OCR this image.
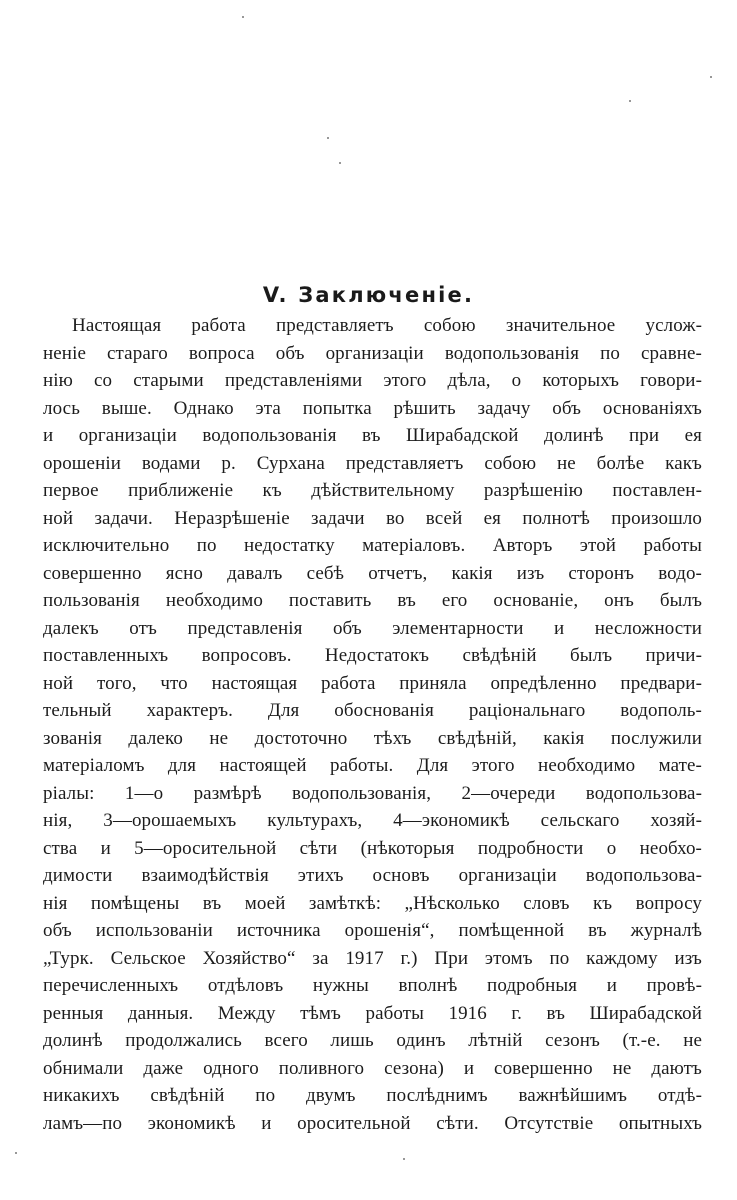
V. Заключеніе.
Настоящая работа представляетъ собою значительное услож-
неніе стараго вопроса объ организаціи водопользованія по сравне-
нію со старыми представленіями этого дѣла, о которыхъ говори-
лось выше. Однако эта попытка рѣшить задачу объ основаніяхъ
и организаціи водопользованія въ Ширабадской долинѣ при ея
орошеніи водами р. Сурхана представляетъ собою не болѣе какъ
первое приближеніе къ дѣйствительному разрѣшенію поставлен-
ной задачи. Неразрѣшеніе задачи во всей ея полнотѣ произошло
исключительно по недостатку матеріаловъ. Авторъ этой работы
совершенно ясно давалъ себѣ отчетъ, какія изъ сторонъ водо-
пользованія необходимо поставить въ его основаніе, онъ былъ
далекъ отъ представленія объ элементарности и несложности
поставленныхъ вопросовъ. Недостатокъ свѣдѣній былъ причи-
ной того, что настоящая работа приняла опредѣленно предвари-
тельный характеръ. Для обоснованія раціональнаго водополь-
зованія далеко не достоточно тѣхъ свѣдѣній, какія послужили
матеріаломъ для настоящей работы. Для этого необходимо мате-
ріалы: 1—о размѣрѣ водопользованія, 2—очереди водопользова-
нія, 3—орошаемыхъ культурахъ, 4—экономикѣ сельскаго хозяй-
ства и 5—оросительной сѣти (нѣкоторыя подробности о необхо-
димости взаимодѣйствія этихъ основъ организаціи водопользова-
нія помѣщены въ моей замѣткѣ: „Нѣсколько словъ къ вопросу
объ использованіи источника орошенія“, помѣщенной въ журналѣ
„Турк. Сельское Хозяйство“ за 1917 г.) При этомъ по каждому изъ
перечисленныхъ отдѣловъ нужны вполнѣ подробныя и провѣ-
ренныя данныя. Между тѣмъ работы 1916 г. въ Ширабадской
долинѣ продолжались всего лишь одинъ лѣтній сезонъ (т.-е. не
обнимали даже одного поливного сезона) и совершенно не даютъ
никакихъ свѣдѣній по двумъ послѣднимъ важнѣйшимъ отдѣ-
ламъ—по экономикѣ и оросительной сѣти. Отсутствіе опытныхъ
